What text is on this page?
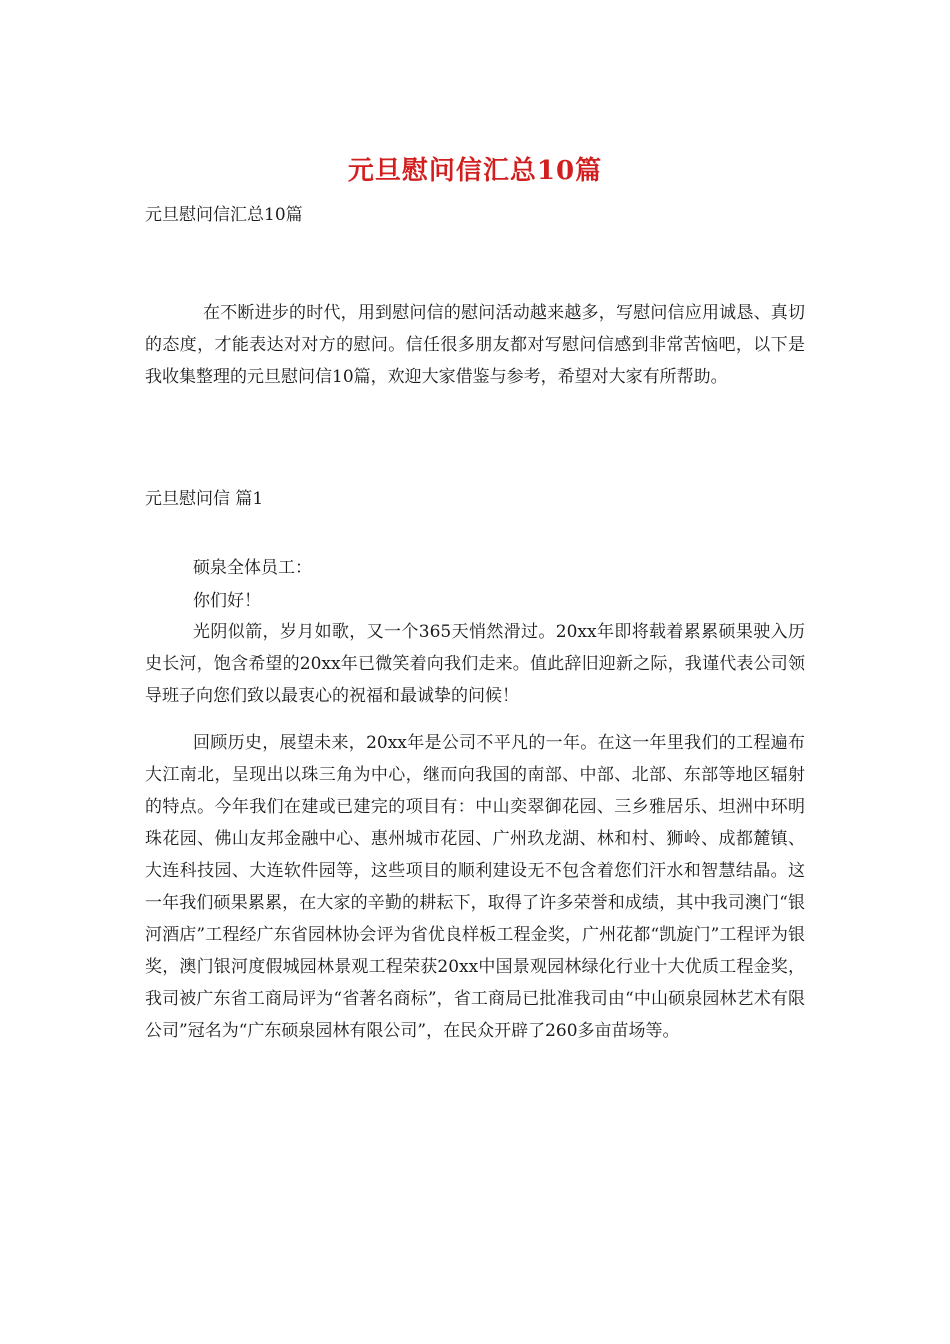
元旦慰问信汇总10篇
元旦慰问信汇总10篇

在不断进步的时代，用到慰问信的慰问活动越来越多，写慰问信应用诚恳、真切的态度，才能表达对对方的慰问。信任很多朋友都对写慰问信感到非常苦恼吧，以下是我收集整理的元旦慰问信10篇，欢迎大家借鉴与参考，希望对大家有所帮助。

元旦慰问信 篇1
硕泉全体员工：
你们好！

光阴似箭，岁月如歌，又一个365天悄然滑过。20xx年即将载着累累硕果驶入历史长河，饱含希望的20xx年已微笑着向我们走来。值此辞旧迎新之际，我谨代表公司领导班子向您们致以最衷心的祝福和最诚挚的问候！

回顾历史，展望未来，20xx年是公司不平凡的一年。在这一年里我们的工程遍布大江南北，呈现出以珠三角为中心，继而向我国的南部、中部、北部、东部等地区辐射的特点。今年我们在建或已建完的项目有：中山奕翠御花园、三乡雅居乐、坦洲中环明珠花园、佛山友邦金融中心、惠州城市花园、广州玖龙湖、林和村、狮岭、成都麓镇、大连科技园、大连软件园等，这些项目的顺利建设无不包含着您们汗水和智慧结晶。这一年我们硕果累累，在大家的辛勤的耕耘下，取得了许多荣誉和成绩，其中我司澳门“银河酒店”工程经广东省园林协会评为省优良样板工程金奖，广州花都“凯旋门”工程评为银奖，澳门银河度假城园林景观工程荣获20xx中国景观园林绿化行业十大优质工程金奖，我司被广东省工商局评为“省著名商标”，省工商局已批准我司由“中山硕泉园林艺术有限公司”冠名为“广东硕泉园林有限公司”，在民众开辟了260多亩苗场等。
